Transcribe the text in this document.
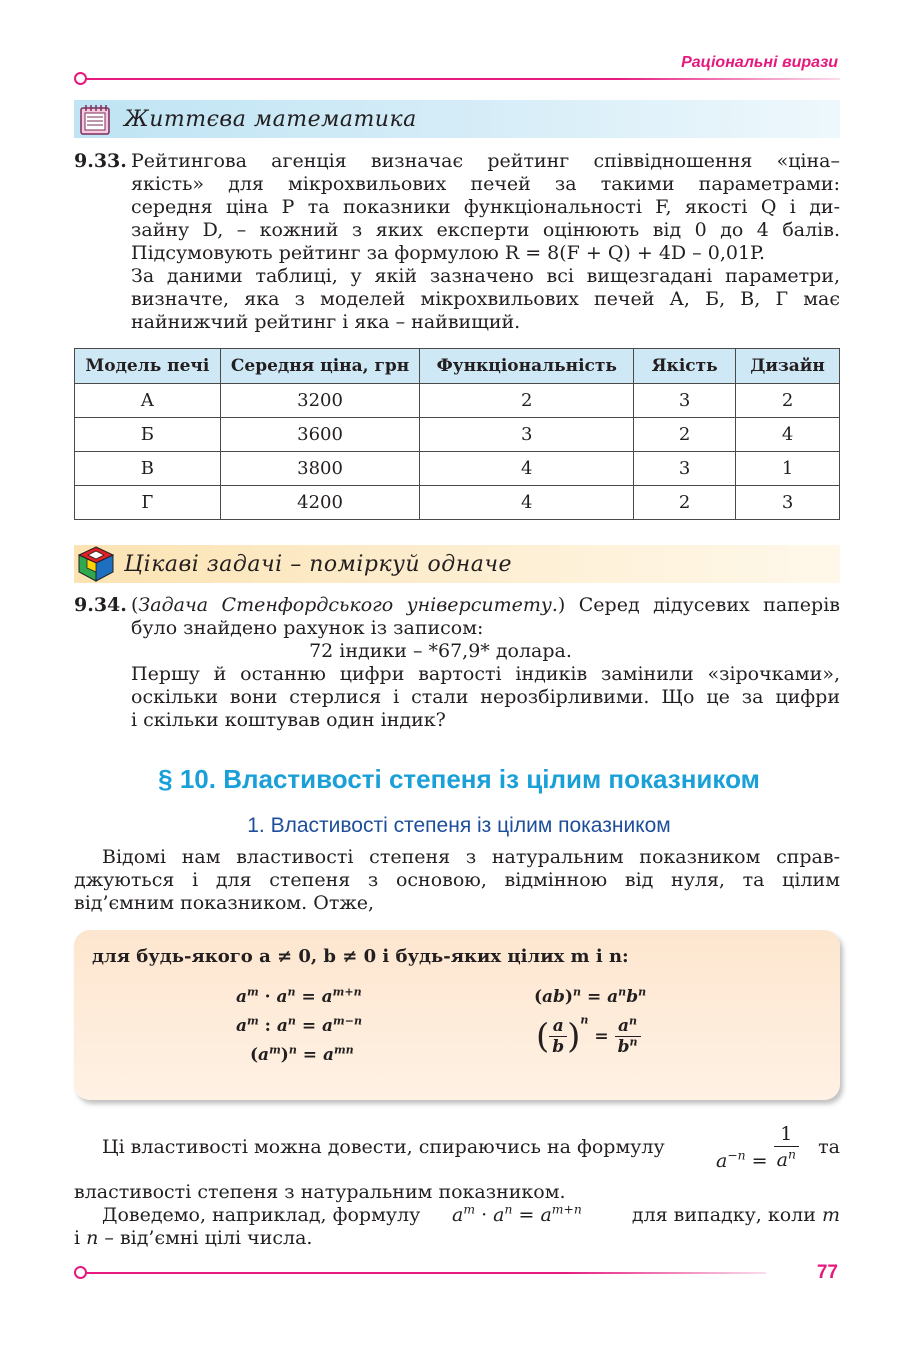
Раціональні вирази
Життєва математика
9.33. Рейтингова агенція визначає рейтинг співвідношення «ціна–
якість» для мікрохвильових печей за такими параметрами:
середня ціна P та показники функціональності F, якості Q і ди-
зайну D, – кожний з яких експерти оцінюють від 0 до 4 балів.
Підсумовують рейтинг за формулою R = 8(F + Q) + 4D – 0,01P.
За даними таблиці, у якій зазначено всі вищезгадані параметри,
визначте, яка з моделей мікрохвильових печей А, Б, В, Г має
найнижчий рейтинг і яка – найвищий.
Модель печі	Середня ціна, грн	Функціональність	Якість	Дизайн
А	3200	2	3	2
Б	3600	3	2	4
В	3800	4	3	1
Г	4200	4	2	3
Цікаві задачі – поміркуй одначе
9.34. (Задача Стенфордського університету.) Серед дідусевих паперів
було знайдено рахунок із записом:
72 індики – *67,9* долара.
Першу й останню цифри вартості індиків замінили «зірочками»,
оскільки вони стерлися і стали нерозбірливими. Що це за цифри
і скільки коштував один індик?
§ 10. Властивості степеня із цілим показником
1. Властивості степеня із цілим показником
Відомі нам властивості степеня з натуральним показником справ-
джуються і для степеня з основою, відмінною від нуля, та цілим
від’ємним показником. Отже,
для будь-якого a ≠ 0, b ≠ 0 і будь-яких цілих m і n:
$a^m \cdot a^n = a^{m+n}$
$a^m$ : $a^n = a^{m-n}$
$(a^m)^n = a^{mn}$
$(ab)^n = a^nb^n$
( $\frac{a}{b} )^n = \frac{a^n}{b^n}$
Ці властивості можна довести, спираючись на формулу
$a^{-n} = \frac{1}{a^n}$ та
властивості степеня з натуральним показником.
Доведемо, наприклад, формулу $a^m \cdot a^n = a^{m+n}$	для випадку, коли m
і n – від’ємні цілі числа.
77
